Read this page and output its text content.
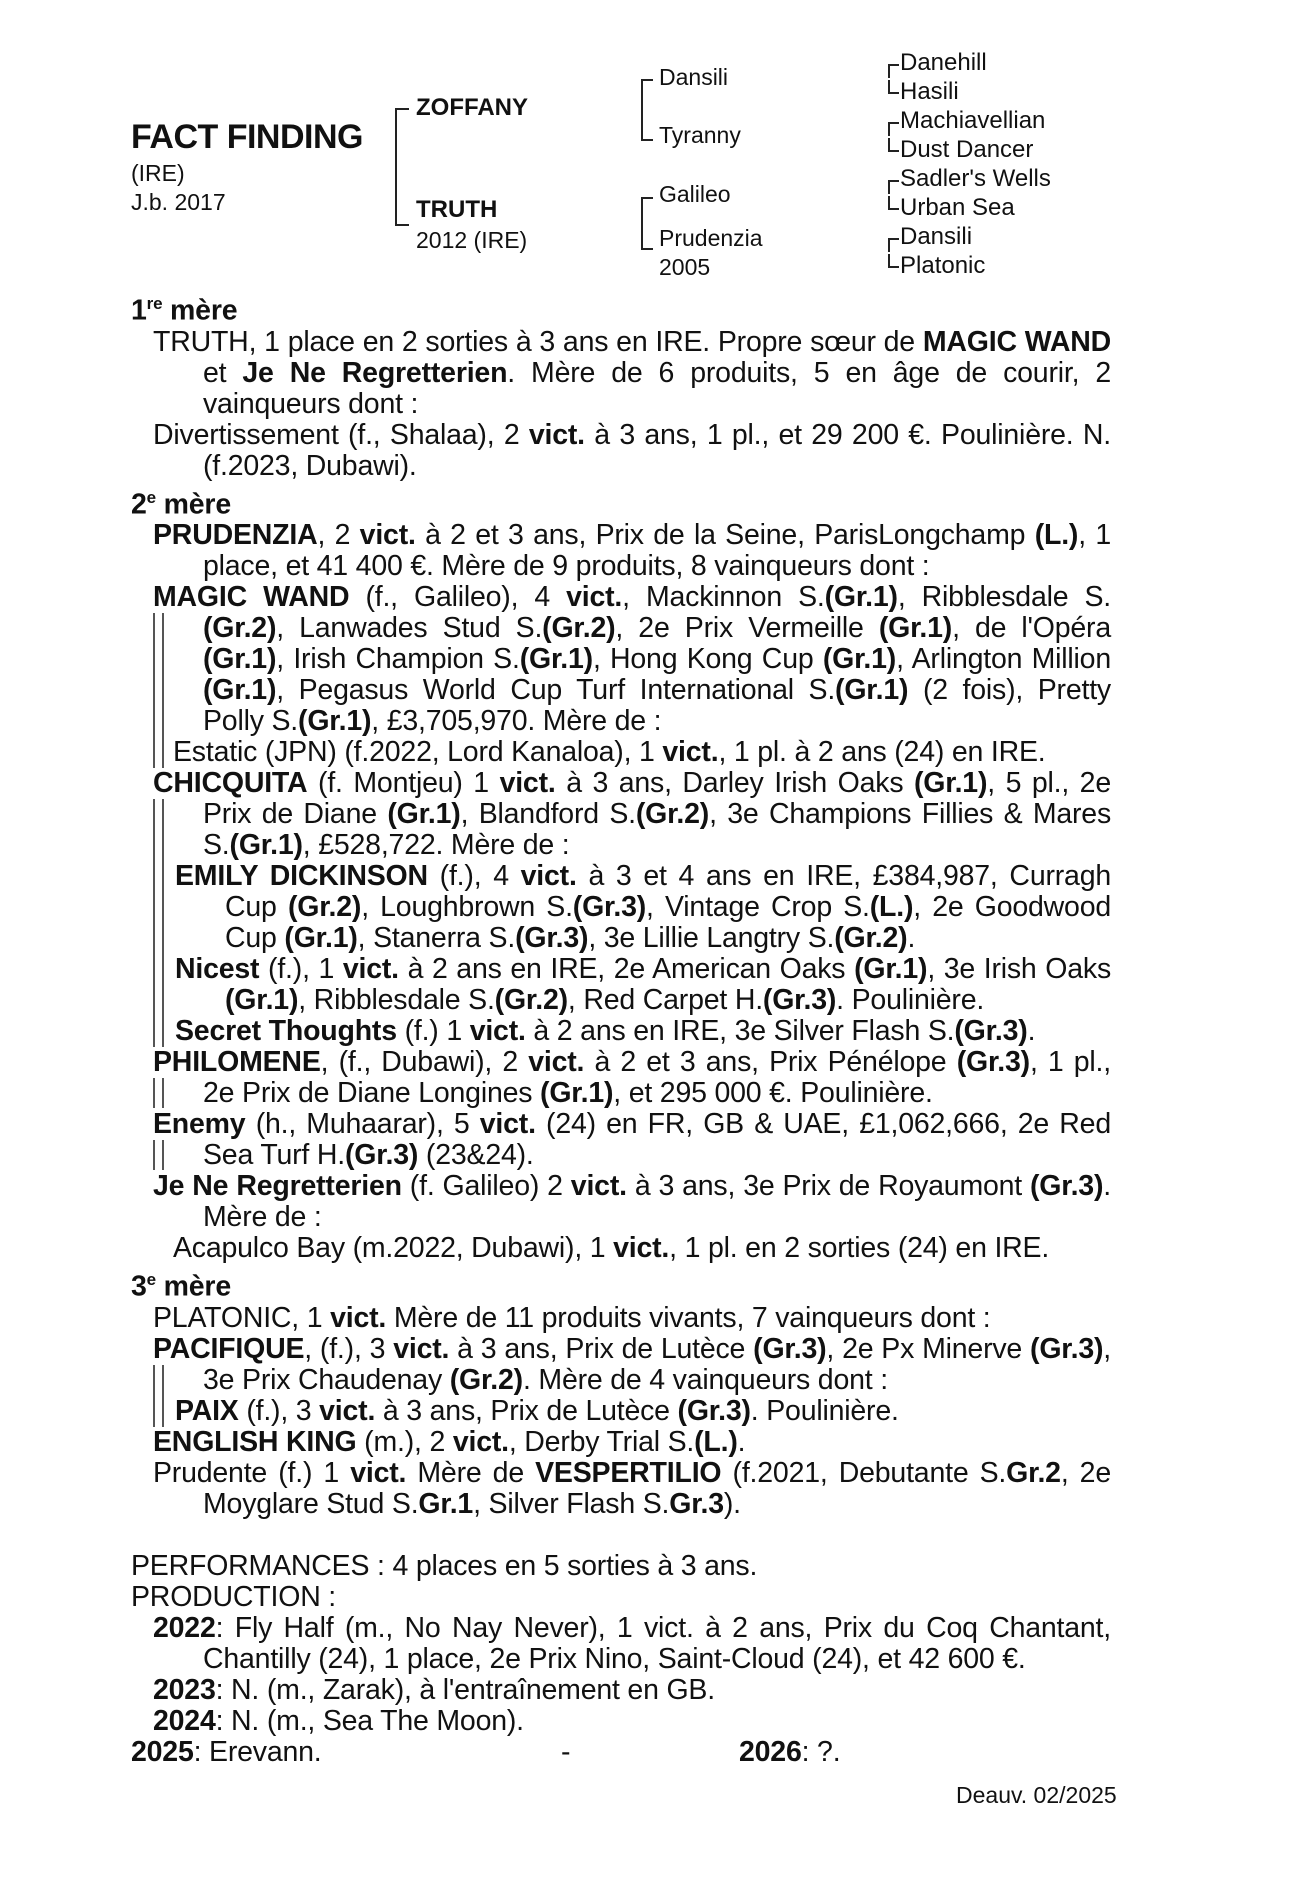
FACT FINDING
(IRE)
J.b. 2017
ZOFFANY
TRUTH
2012 (IRE)
Dansili
Tyranny
Galileo
Prudenzia
2005
Danehill
Hasili
Machiavellian
Dust Dancer
Sadler's Wells
Urban Sea
Dansili
Platonic
1re mère
TRUTH, 1 place en 2 sorties à 3 ans en IRE. Propre sœur de MAGIC WAND et Je Ne Regretterien. Mère de 6 produits, 5 en âge de courir, 2 vainqueurs dont :
Divertissement (f., Shalaa), 2 vict. à 3 ans, 1 pl., et 29 200 €. Poulinière. N. (f.2023, Dubawi).
2e mère
PRUDENZIA, 2 vict. à 2 et 3 ans, Prix de la Seine, ParisLongchamp (L.), 1 place, et 41 400 €. Mère de 9 produits, 8 vainqueurs dont :
MAGIC WAND (f., Galileo), 4 vict., Mackinnon S.(Gr.1), Ribblesdale S.(Gr.2), Lanwades Stud S.(Gr.2), 2e Prix Vermeille (Gr.1), de l'Opéra (Gr.1), Irish Champion S.(Gr.1), Hong Kong Cup (Gr.1), Arlington Million (Gr.1), Pegasus World Cup Turf International S.(Gr.1) (2 fois), Pretty Polly S.(Gr.1), £3,705,970. Mère de :
Estatic (JPN) (f.2022, Lord Kanaloa), 1 vict., 1 pl. à 2 ans (24) en IRE.
CHICQUITA (f. Montjeu) 1 vict. à 3 ans, Darley Irish Oaks (Gr.1), 5 pl., 2e Prix de Diane (Gr.1), Blandford S.(Gr.2), 3e Champions Fillies & Mares S.(Gr.1), £528,722. Mère de :
EMILY DICKINSON (f.), 4 vict. à 3 et 4 ans en IRE, £384,987, Curragh Cup (Gr.2), Loughbrown S.(Gr.3), Vintage Crop S.(L.), 2e Goodwood Cup (Gr.1), Stanerra S.(Gr.3), 3e Lillie Langtry S.(Gr.2).
Nicest (f.), 1 vict. à 2 ans en IRE, 2e American Oaks (Gr.1), 3e Irish Oaks (Gr.1), Ribblesdale S.(Gr.2), Red Carpet H.(Gr.3). Poulinière.
Secret Thoughts (f.) 1 vict. à 2 ans en IRE, 3e Silver Flash S.(Gr.3).
PHILOMENE, (f., Dubawi), 2 vict. à 2 et 3 ans, Prix Pénélope (Gr.3), 1 pl., 2e Prix de Diane Longines (Gr.1), et 295 000 €. Poulinière.
Enemy (h., Muhaarar), 5 vict. (24) en FR, GB & UAE, £1,062,666, 2e Red Sea Turf H.(Gr.3) (23&24).
Je Ne Regretterien (f. Galileo) 2 vict. à 3 ans, 3e Prix de Royaumont (Gr.3). Mère de :
Acapulco Bay (m.2022, Dubawi), 1 vict., 1 pl. en 2 sorties (24) en IRE.
3e mère
PLATONIC, 1 vict. Mère de 11 produits vivants, 7 vainqueurs dont :
PACIFIQUE, (f.), 3 vict. à 3 ans, Prix de Lutèce (Gr.3), 2e Px Minerve (Gr.3), 3e Prix Chaudenay (Gr.2). Mère de 4 vainqueurs dont :
PAIX (f.), 3 vict. à 3 ans, Prix de Lutèce (Gr.3). Poulinière.
ENGLISH KING (m.), 2 vict., Derby Trial S.(L.).
Prudente (f.) 1 vict. Mère de VESPERTILIO (f.2021, Debutante S.Gr.2, 2e Moyglare Stud S.Gr.1, Silver Flash S.Gr.3).
PERFORMANCES : 4 places en 5 sorties à 3 ans.
PRODUCTION :
2022: Fly Half (m., No Nay Never), 1 vict. à 2 ans, Prix du Coq Chantant, Chantilly (24), 1 place, 2e Prix Nino, Saint-Cloud (24), et 42 600 €.
2023: N. (m., Zarak), à l'entraînement en GB.
2024: N. (m., Sea The Moon).
2025: Erevann.	-	2026: ?.
Deauv. 02/2025
